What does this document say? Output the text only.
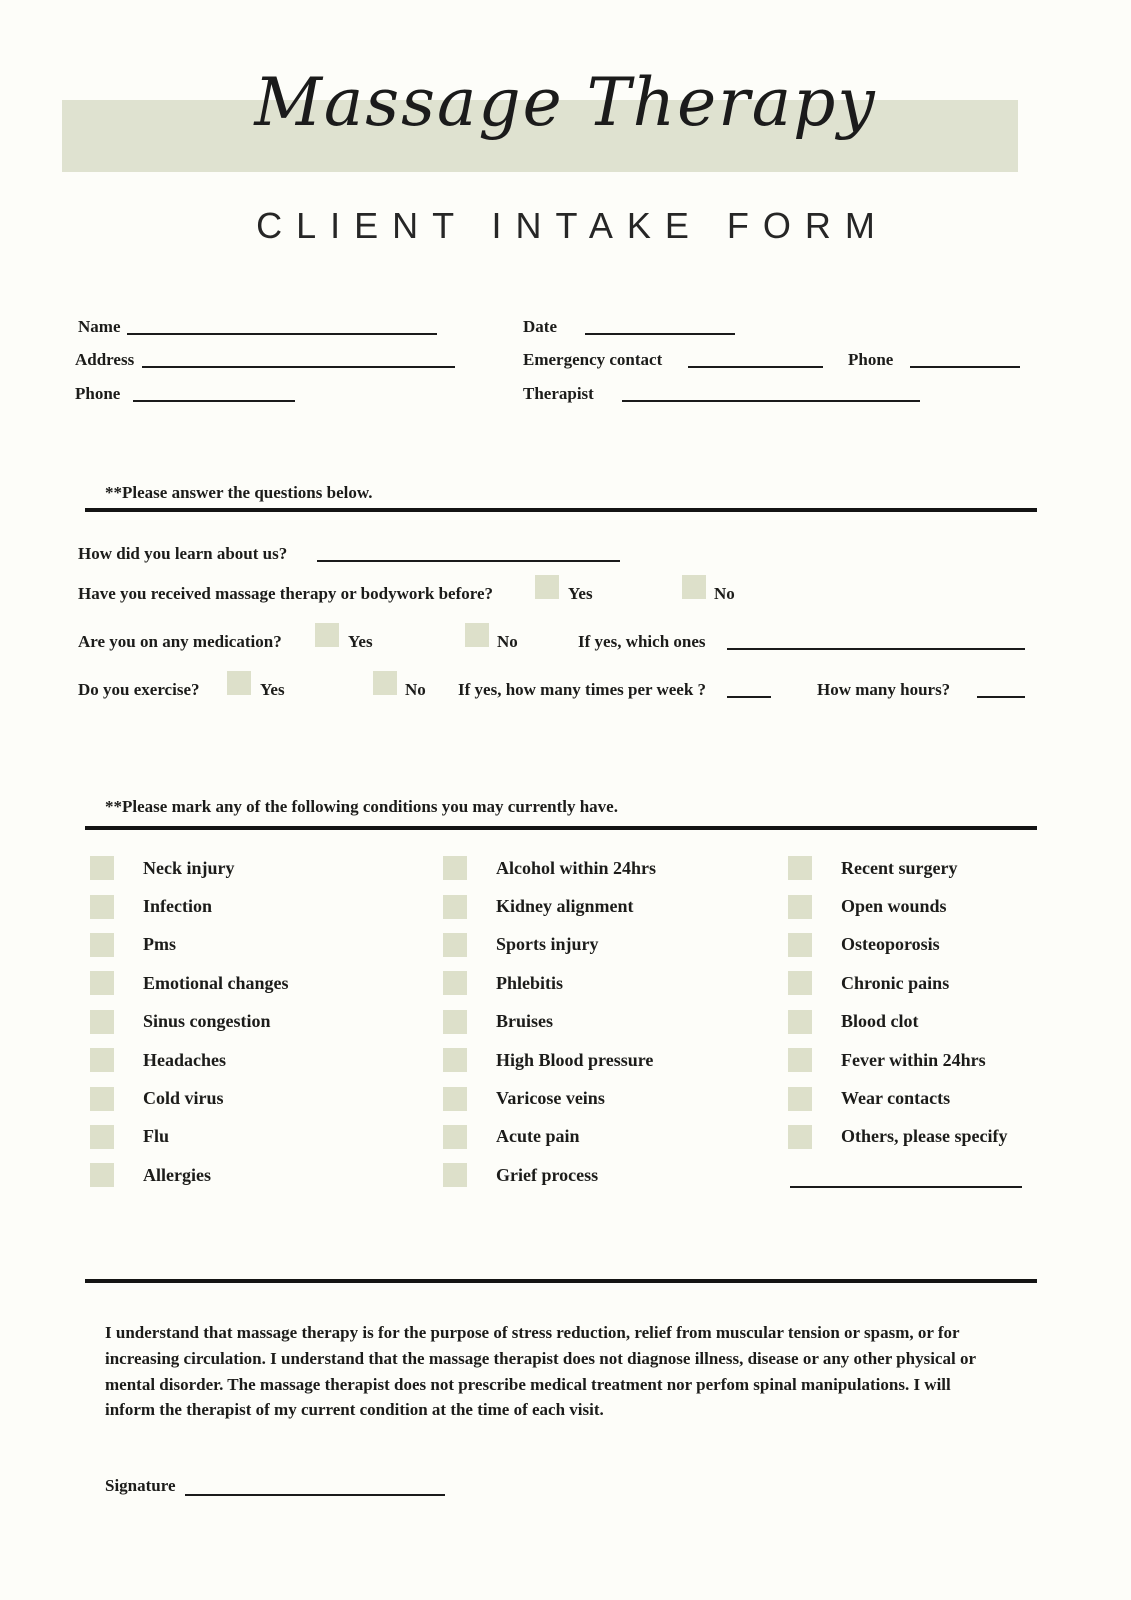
Massage Therapy
CLIENT INTAKE FORM
Name	Date
Address	Emergency contact	Phone
Phone	Therapist
**Please answer the questions below.
How did you learn about us?
Have you received massage therapy or bodywork before?	Yes	No
Are you on any medication?	Yes	No	If yes, which ones
Do you exercise?	Yes	No If yes, how many times per week ?	How many hours?
**Please mark any of the following conditions you may currently have.
Neck injury
Infection
Pms
Emotional changes
Sinus congestion
Headaches
Cold virus
Flu
Allergies
Alcohol within 24hrs
Kidney alignment
Sports injury
Phlebitis
Bruises
High Blood pressure
Varicose veins
Acute pain
Grief process
Recent surgery
Open wounds
Osteoporosis
Chronic pains
Blood clot
Fever within 24hrs
Wear contacts
Others, please specify
I understand that massage therapy is for the purpose of stress reduction, relief from muscular tension or spasm, or for increasing circulation. I understand that the massage therapist does not diagnose illness, disease or any other physical or mental disorder. The massage therapist does not prescribe medical treatment nor perfom spinal manipulations. I will inform the therapist of my current condition at the time of each visit.
Signature
